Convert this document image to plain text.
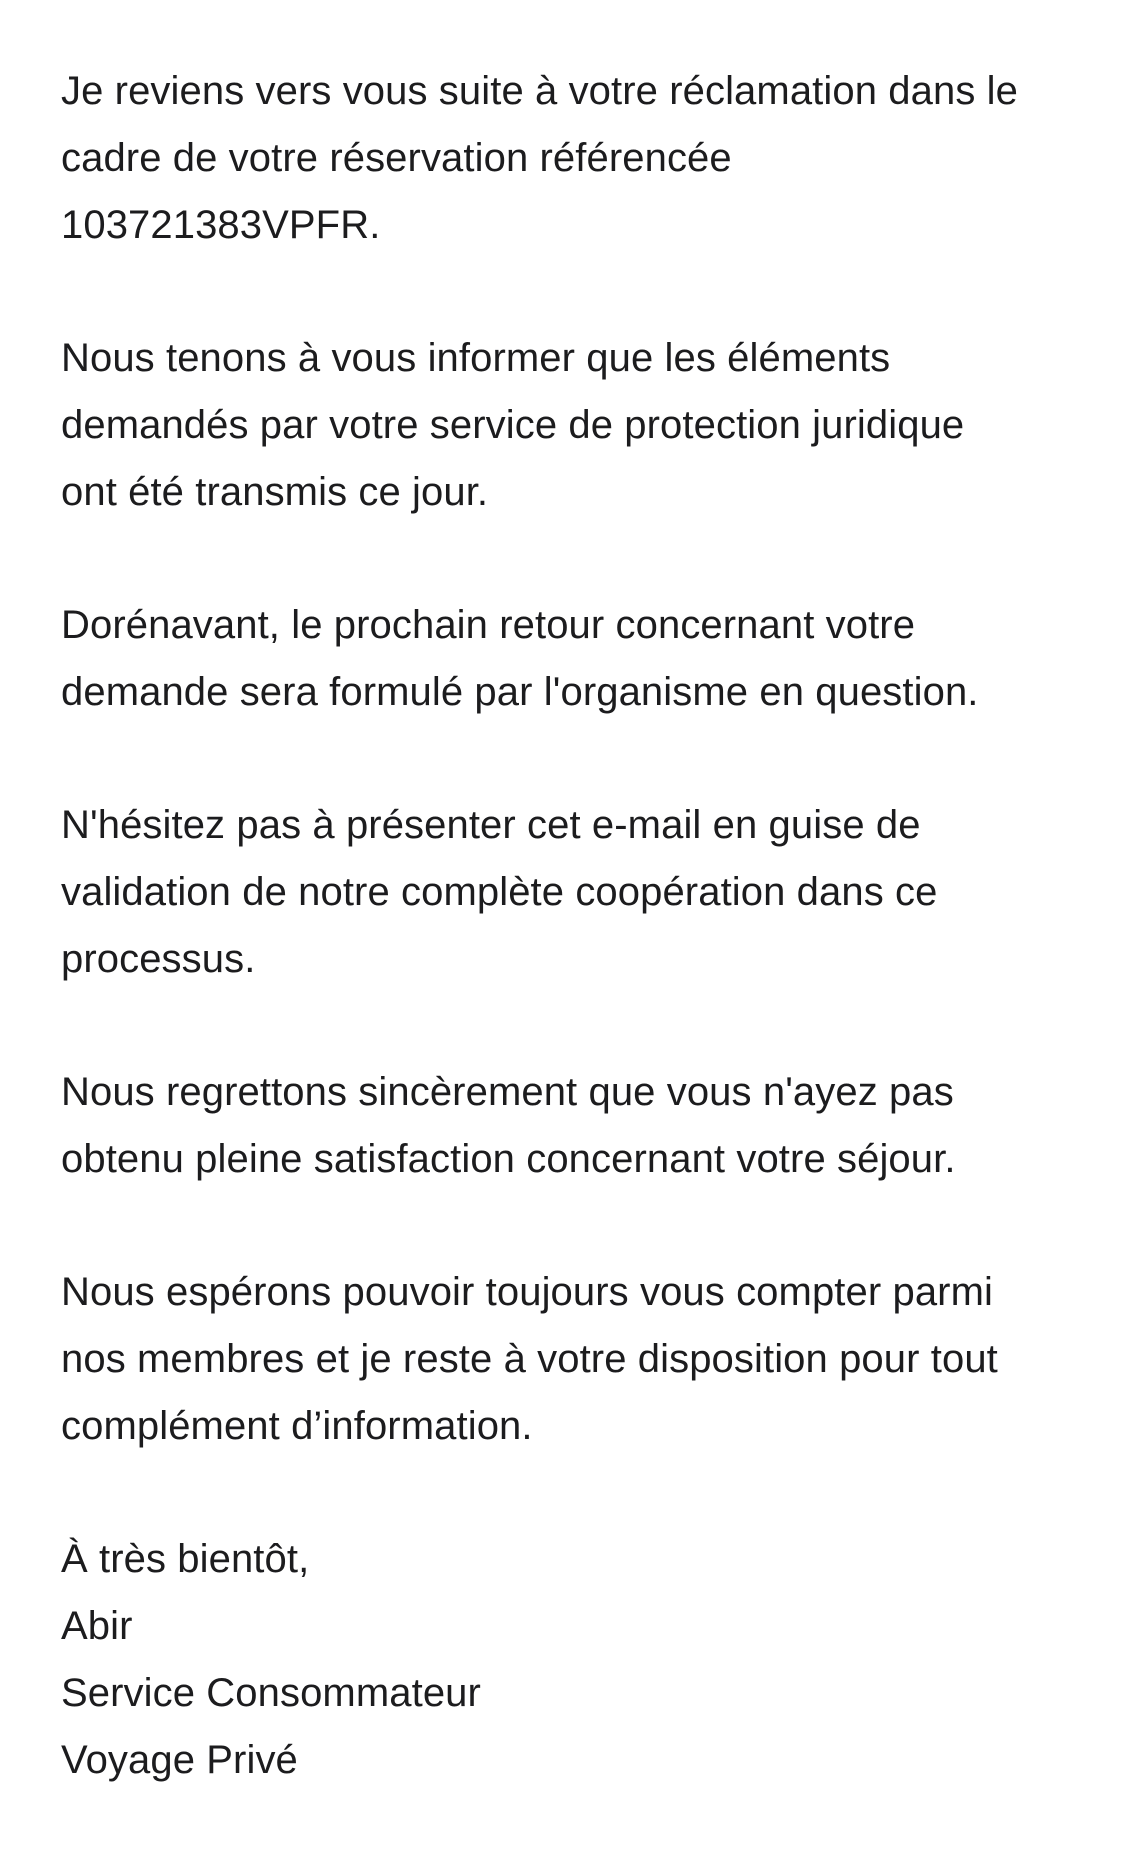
Je reviens vers vous suite à votre réclamation dans le
cadre de votre réservation référencée
103721383VPFR.
Nous tenons à vous informer que les éléments
demandés par votre service de protection juridique
ont été transmis ce jour.
Dorénavant, le prochain retour concernant votre
demande sera formulé par l'organisme en question.
N'hésitez pas à présenter cet e-mail en guise de
validation de notre complète coopération dans ce
processus.
Nous regrettons sincèrement que vous n'ayez pas
obtenu pleine satisfaction concernant votre séjour.
Nous espérons pouvoir toujours vous compter parmi
nos membres et je reste à votre disposition pour tout
complément d’information.
À très bientôt,
Abir
Service Consommateur
Voyage Privé
